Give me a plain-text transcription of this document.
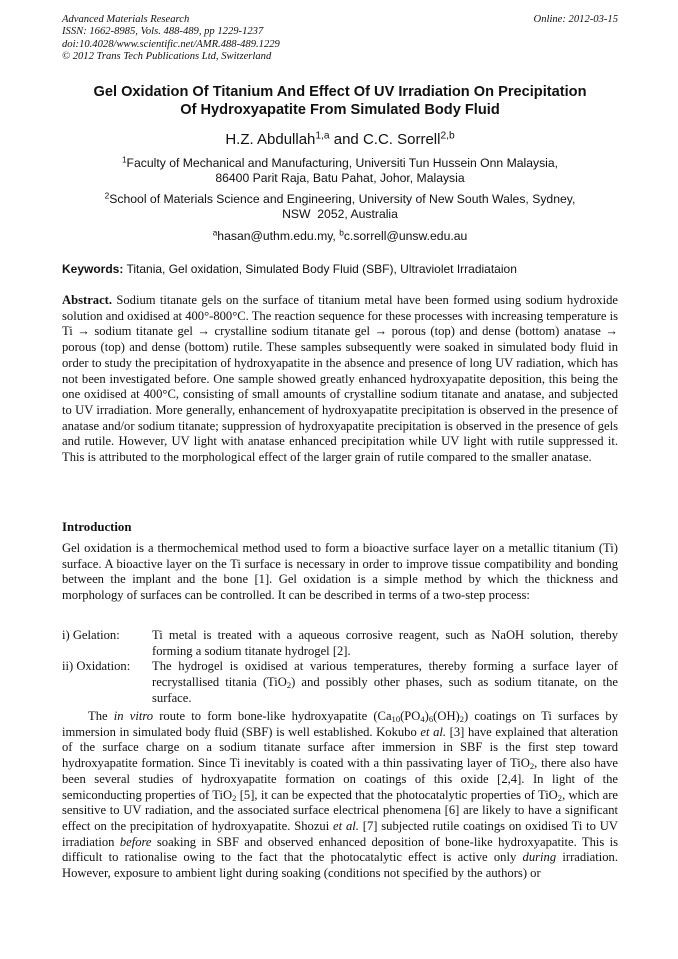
Advanced Materials Research
ISSN: 1662-8985, Vols. 488-489, pp 1229-1237
doi:10.4028/www.scientific.net/AMR.488-489.1229
© 2012 Trans Tech Publications Ltd, Switzerland
Online: 2012-03-15
Gel Oxidation Of Titanium And Effect Of UV Irradiation On Precipitation
Of Hydroxyapatite From Simulated Body Fluid
H.Z. Abdullah$^{1,a}$ and C.C. Sorrell$^{2,b}$
$^1$Faculty of Mechanical and Manufacturing, Universiti Tun Hussein Onn Malaysia,
86400 Parit Raja, Batu Pahat, Johor, Malaysia
$^2$School of Materials Science and Engineering, University of New South Wales, Sydney,
NSW  2052, Australia
$^a$hasan@uthm.edu.my, $^b$c.sorrell@unsw.edu.au
Keywords: Titania, Gel oxidation, Simulated Body Fluid (SBF), Ultraviolet Irradiataion
Abstract. Sodium titanate gels on the surface of titanium metal have been formed using sodium hydroxide solution and oxidised at 400°-800°C. The reaction sequence for these processes with increasing temperature is Ti → sodium titanate gel → crystalline sodium titanate gel → porous (top) and dense (bottom) anatase → porous (top) and dense (bottom) rutile. These samples subsequently were soaked in simulated body fluid in order to study the precipitation of hydroxyapatite in the absence and presence of long UV radiation, which has not been investigated before. One sample showed greatly enhanced hydroxyapatite deposition, this being the one oxidised at 400°C, consisting of small amounts of crystalline sodium titanate and anatase, and subjected to UV irradiation. More generally, enhancement of hydroxyapatite precipitation is observed in the presence of anatase and/or sodium titanate; suppression of hydroxyapatite precipitation is observed in the presence of gels and rutile. However, UV light with anatase enhanced precipitation while UV light with rutile suppressed it. This is attributed to the morphological effect of the larger grain of rutile compared to the smaller anatase.
Introduction
Gel oxidation is a thermochemical method used to form a bioactive surface layer on a metallic titanium (Ti) surface. A bioactive layer on the Ti surface is necessary in order to improve tissue compatibility and bonding between the implant and the bone [1]. Gel oxidation is a simple method by which the thickness and morphology of surfaces can be controlled. It can be described in terms of a two-step process:
i) Gelation:	Ti metal is treated with a aqueous corrosive reagent, such as NaOH solution, thereby forming a sodium titanate hydrogel [2].
ii) Oxidation:	The hydrogel is oxidised at various temperatures, thereby forming a surface layer of recrystallised titania (TiO$_2$) and possibly other phases, such as sodium titanate, on the surface.
The in vitro route to form bone-like hydroxyapatite $(Ca_{10}(PO_4)_6(OH)_2)$ coatings on Ti surfaces by immersion in simulated body fluid (SBF) is well established. Kokubo et al. [3] have explained that alteration of the surface charge on a sodium titanate surface after immersion in SBF is the first step toward hydroxyapatite formation. Since Ti inevitably is coated with a thin passivating layer of TiO$_2$, there also have been several studies of hydroxyapatite formation on coatings of this oxide [2,4]. In light of the semiconducting properties of TiO$_2$ [5], it can be expected that the photocatalytic properties of TiO$_2$, which are sensitive to UV radiation, and the associated surface electrical phenomena [6] are likely to have a significant effect on the precipitation of hydroxyapatite. Shozui et al. [7] subjected rutile coatings on oxidised Ti to UV irradiation before soaking in SBF and observed enhanced deposition of bone-like hydroxyapatite. This is difficult to rationalise owing to the fact that the photocatalytic effect is active only during irradiation. However, exposure to ambient light during soaking (conditions not specified by the authors) or
